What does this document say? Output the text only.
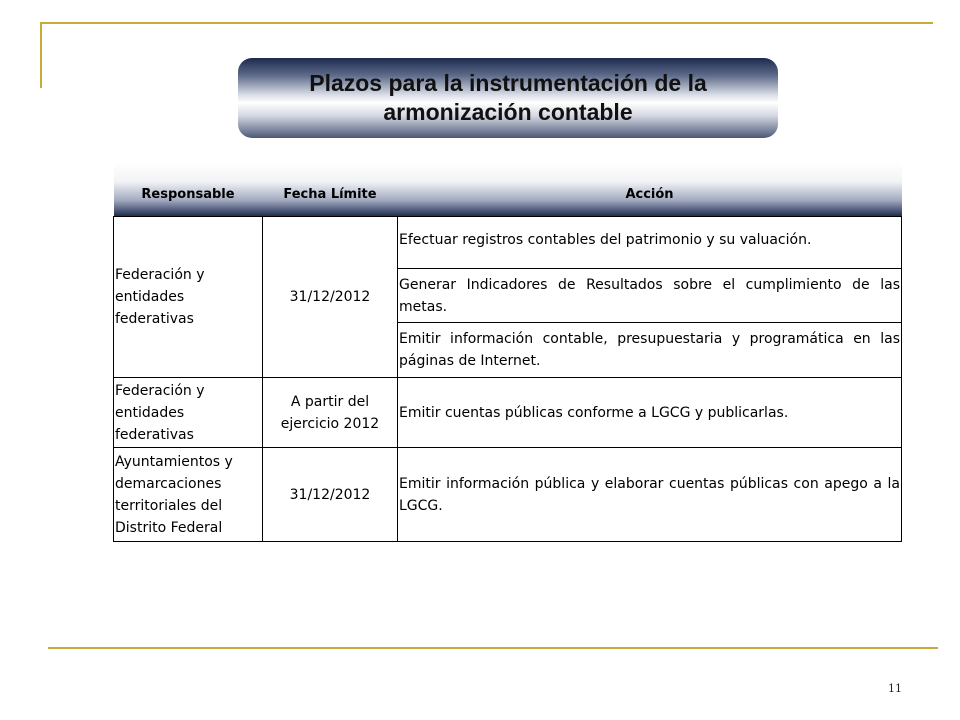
Plazos para la instrumentación de la armonización contable
Responsable	Fecha Límite	Acción

Federación y entidades federativas	31/12/2012	Efectuar registros contables del patrimonio y su valuación.
		Generar Indicadores de Resultados sobre el cumplimiento de las metas.
		Emitir información contable, presupuestaria y programática en las páginas de Internet.
Federación y entidades federativas	A partir del ejercicio 2012	Emitir cuentas públicas conforme a LGCG y publicarlas.
Ayuntamientos y demarcaciones territoriales del Distrito Federal	31/12/2012	Emitir información pública y elaborar cuentas públicas con apego a la LGCG.
11
